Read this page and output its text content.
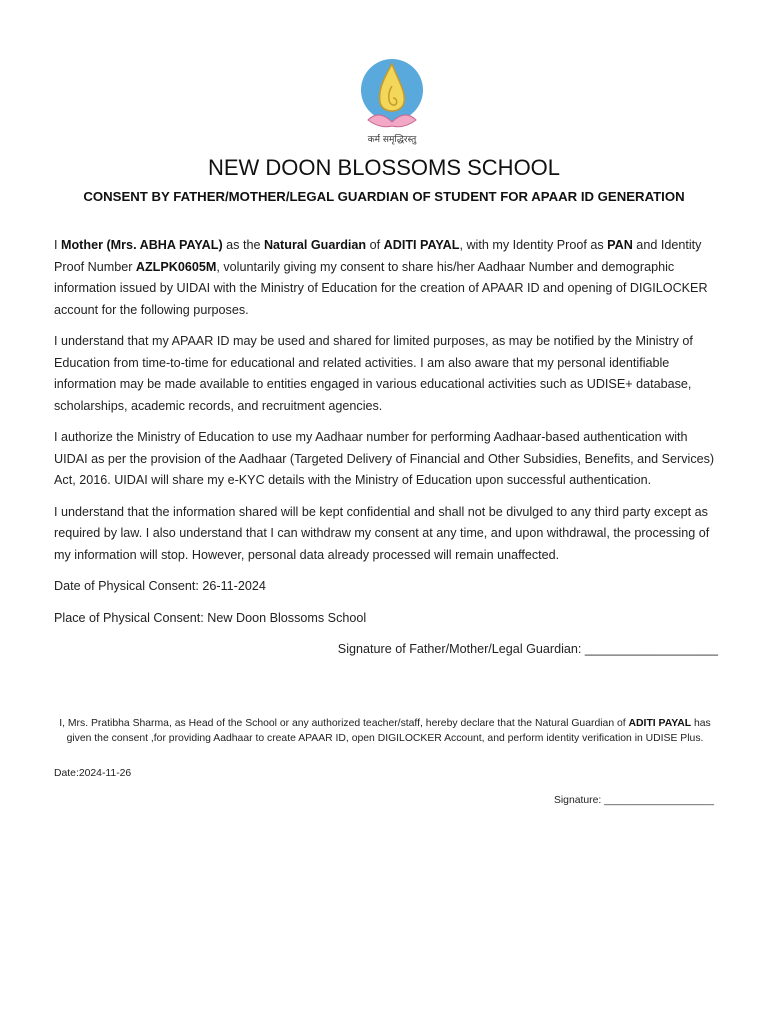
कर्म समृद्धिरस्तु
NEW DOON BLOSSOMS SCHOOL
CONSENT BY FATHER/MOTHER/LEGAL GUARDIAN OF STUDENT FOR APAAR ID GENERATION

I Mother (Mrs. ABHA PAYAL) as the Natural Guardian of ADITI PAYAL, with my Identity Proof as PAN and Identity Proof Number AZLPK0605M, voluntarily giving my consent to share his/her Aadhaar Number and demographic information issued by UIDAI with the Ministry of Education for the creation of APAAR ID and opening of DIGILOCKER account for the following purposes.

I understand that my APAAR ID may be used and shared for limited purposes, as may be notified by the Ministry of Education from time-to-time for educational and related activities. I am also aware that my personal identifiable information may be made available to entities engaged in various educational activities such as UDISE+ database, scholarships, academic records, and recruitment agencies.

I authorize the Ministry of Education to use my Aadhaar number for performing Aadhaar-based authentication with UIDAI as per the provision of the Aadhaar (Targeted Delivery of Financial and Other Subsidies, Benefits, and Services) Act, 2016. UIDAI will share my e-KYC details with the Ministry of Education upon successful authentication.

I understand that the information shared will be kept confidential and shall not be divulged to any third party except as required by law. I also understand that I can withdraw my consent at any time, and upon withdrawal, the processing of my information will stop. However, personal data already processed will remain unaffected.

Date of Physical Consent: 26-11-2024

Place of Physical Consent: New Doon Blossoms School

Signature of Father/Mother/Legal Guardian: ___________________

I, Mrs. Pratibha Sharma, as Head of the School or any authorized teacher/staff, hereby declare that the Natural Guardian of ADITI PAYAL has given the consent ,for providing Aadhaar to create APAAR ID, open DIGILOCKER Account, and perform identity verification in UDISE Plus.
Date:2024-11-26
Signature: ___________________
